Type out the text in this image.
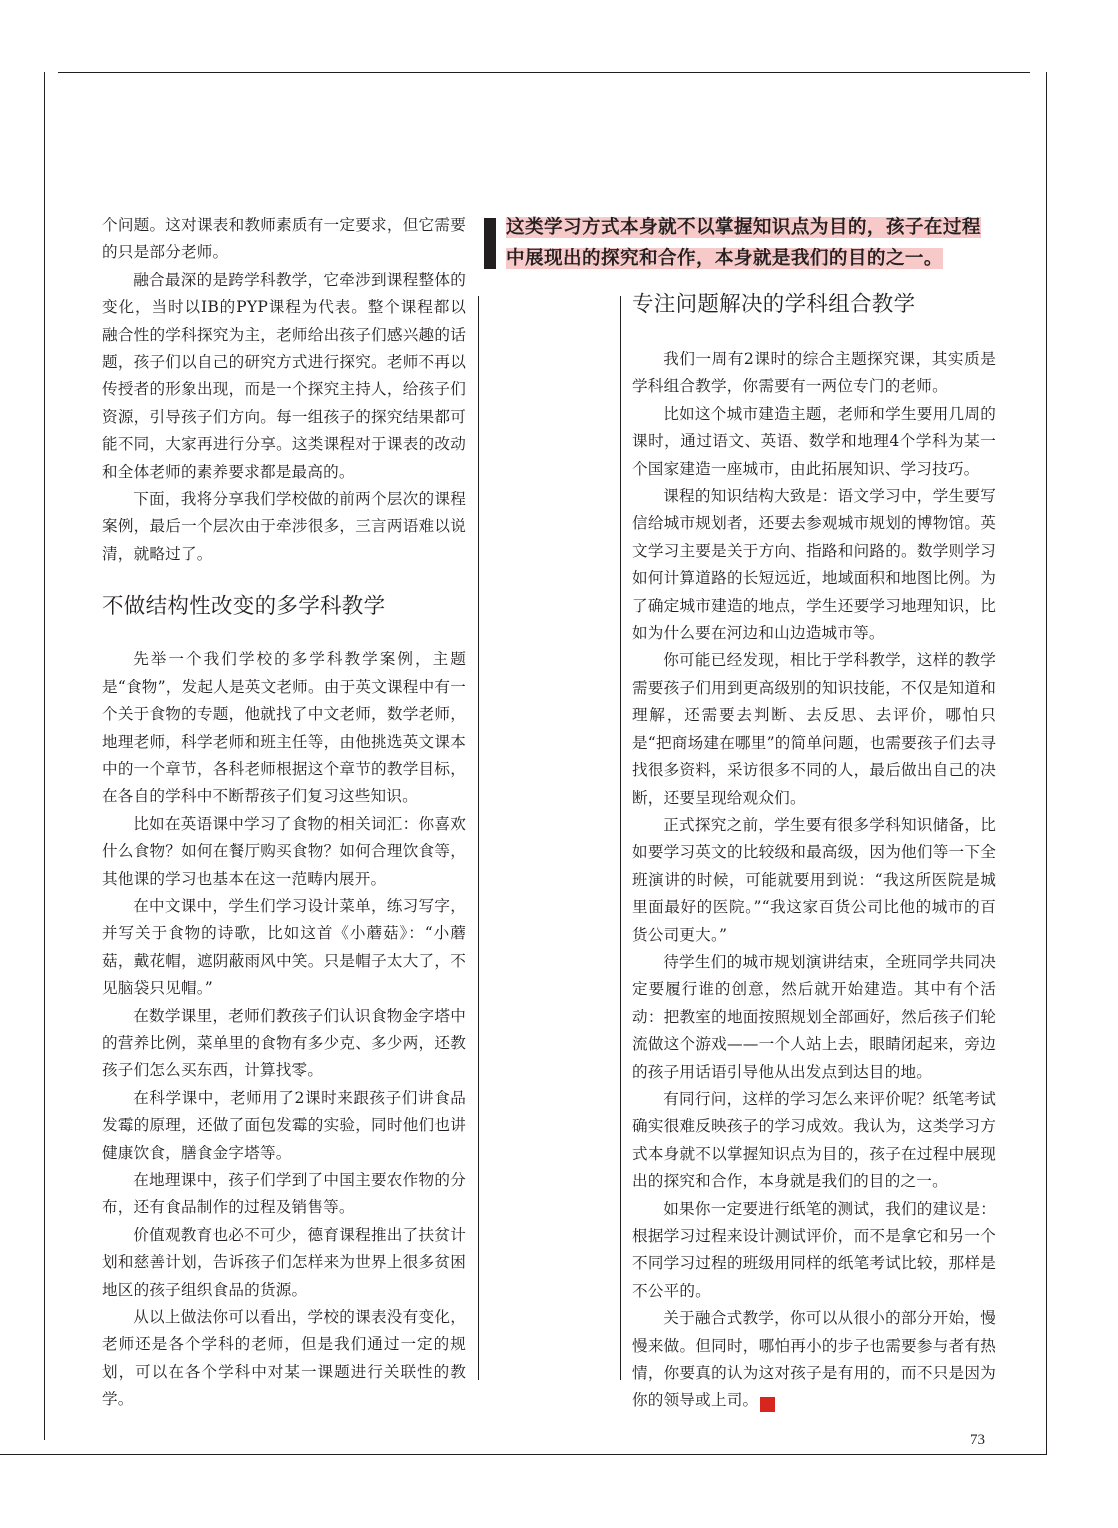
个问题。这对课表和教师素质有一定要求，但它需要的只是部分老师。

融合最深的是跨学科教学，它牵涉到课程整体的变化，当时以IB的PYP课程为代表。整个课程都以融合性的学科探究为主，老师给出孩子们感兴趣的话题，孩子们以自己的研究方式进行探究。老师不再以传授者的形象出现，而是一个探究主持人，给孩子们资源，引导孩子们方向。每一组孩子的探究结果都可能不同，大家再进行分享。这类课程对于课表的改动和全体老师的素养要求都是最高的。

下面，我将分享我们学校做的前两个层次的课程案例，最后一个层次由于牵涉很多，三言两语难以说清，就略过了。

不做结构性改变的多学科教学

先举一个我们学校的多学科教学案例，主题是“食物”，发起人是英文老师。由于英文课程中有一个关于食物的专题，他就找了中文老师，数学老师，地理老师，科学老师和班主任等，由他挑选英文课本中的一个章节，各科老师根据这个章节的教学目标，在各自的学科中不断帮孩子们复习这些知识。

比如在英语课中学习了食物的相关词汇：你喜欢什么食物？如何在餐厅购买食物？如何合理饮食等，其他课的学习也基本在这一范畴内展开。

在中文课中，学生们学习设计菜单，练习写字，并写关于食物的诗歌，比如这首《小蘑菇》：“小蘑菇，戴花帽，遮阴蔽雨风中笑。只是帽子太大了，不见脑袋只见帽。”

在数学课里，老师们教孩子们认识食物金字塔中的营养比例，菜单里的食物有多少克、多少两，还教孩子们怎么买东西，计算找零。

在科学课中，老师用了2课时来跟孩子们讲食品发霉的原理，还做了面包发霉的实验，同时他们也讲健康饮食，膳食金字塔等。

在地理课中，孩子们学到了中国主要农作物的分布，还有食品制作的过程及销售等。

价值观教育也必不可少，德育课程推出了扶贫计划和慈善计划，告诉孩子们怎样来为世界上很多贫困地区的孩子组织食品的货源。

从以上做法你可以看出，学校的课表没有变化，老师还是各个学科的老师，但是我们通过一定的规划，可以在各个学科中对某一课题进行关联性的教学。

这类学习方式本身就不以掌握知识点为目的，孩子在过程
中展现出的探究和合作，本身就是我们的目的之一。
专注问题解决的学科组合教学

我们一周有2课时的综合主题探究课，其实质是学科组合教学，你需要有一两位专门的老师。

比如这个城市建造主题，老师和学生要用几周的课时，通过语文、英语、数学和地理4个学科为某一个国家建造一座城市，由此拓展知识、学习技巧。

课程的知识结构大致是：语文学习中，学生要写信给城市规划者，还要去参观城市规划的博物馆。英文学习主要是关于方向、指路和问路的。数学则学习如何计算道路的长短远近，地域面积和地图比例。为了确定城市建造的地点，学生还要学习地理知识，比如为什么要在河边和山边造城市等。

你可能已经发现，相比于学科教学，这样的教学需要孩子们用到更高级别的知识技能，不仅是知道和理解，还需要去判断、去反思、去评价，哪怕只是“把商场建在哪里”的简单问题，也需要孩子们去寻找很多资料，采访很多不同的人，最后做出自己的决断，还要呈现给观众们。

正式探究之前，学生要有很多学科知识储备，比如要学习英文的比较级和最高级，因为他们等一下全班演讲的时候，可能就要用到说：“我这所医院是城里面最好的医院。”“我这家百货公司比他的城市的百货公司更大。”

待学生们的城市规划演讲结束，全班同学共同决定要履行谁的创意，然后就开始建造。其中有个活动：把教室的地面按照规划全部画好，然后孩子们轮流做这个游戏——一个人站上去，眼睛闭起来，旁边的孩子用话语引导他从出发点到达目的地。

有同行问，这样的学习怎么来评价呢？纸笔考试确实很难反映孩子的学习成效。我认为，这类学习方式本身就不以掌握知识点为目的，孩子在过程中展现出的探究和合作，本身就是我们的目的之一。

如果你一定要进行纸笔的测试，我们的建议是：根据学习过程来设计测试评价，而不是拿它和另一个不同学习过程的班级用同样的纸笔考试比较，那样是不公平的。

关于融合式教学，你可以从很小的部分开始，慢慢来做。但同时，哪怕再小的步子也需要参与者有热情，你要真的认为这对孩子是有用的，而不只是因为你的领导或上司。	家

73
